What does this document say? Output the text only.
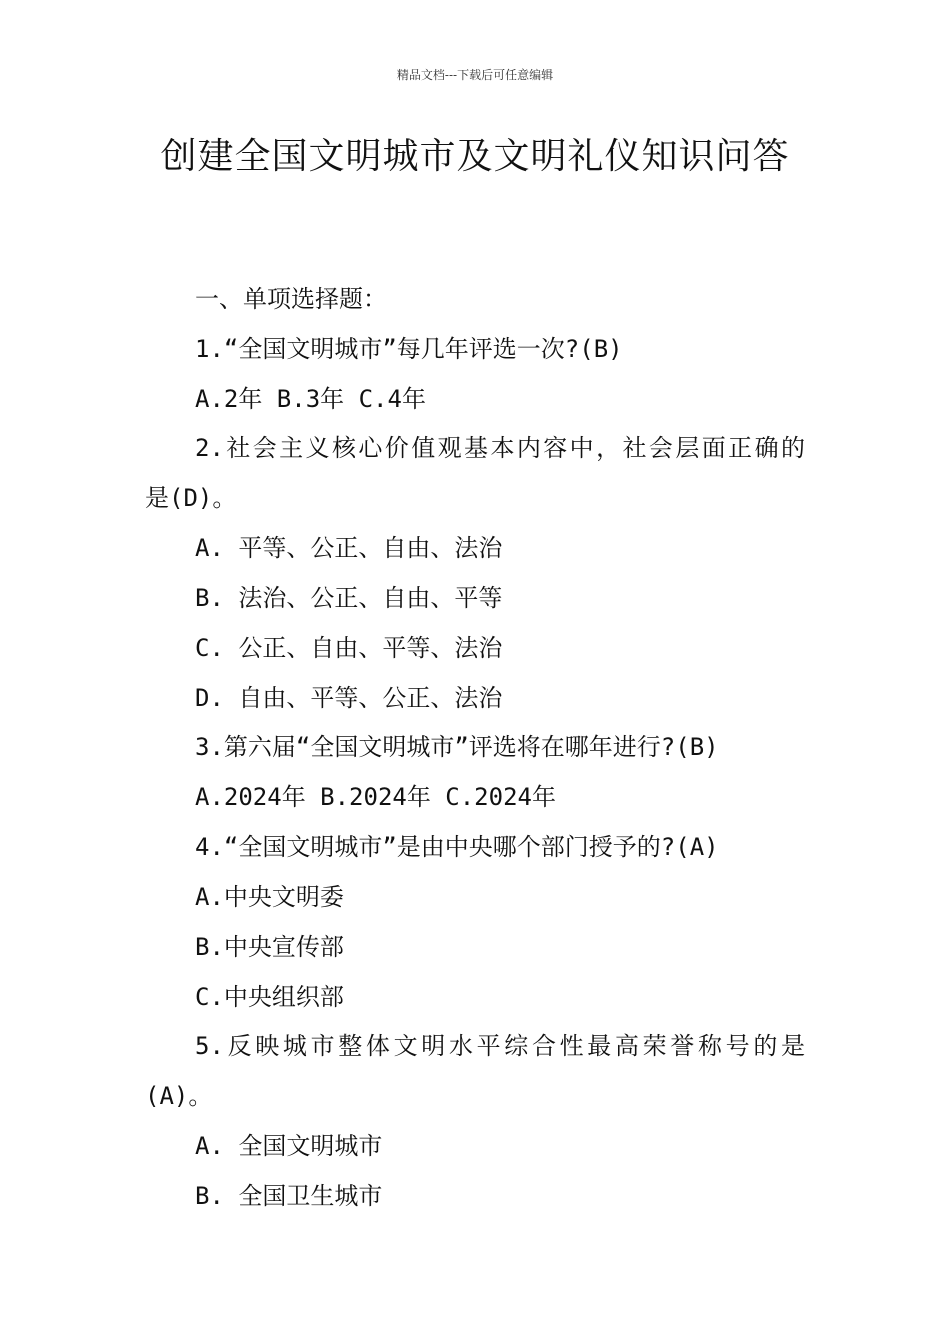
精品文档---下载后可任意编辑
创建全国文明城市及文明礼仪知识问答
一、单项选择题：
1.“全国文明城市”每几年评选一次?(B)
A.2年 B.3年 C.4年
2.社会主义核心价值观基本内容中，社会层面正确的
是(D)。
A. 平等、公正、自由、法治
B. 法治、公正、自由、平等
C. 公正、自由、平等、法治
D. 自由、平等、公正、法治
3.第六届“全国文明城市”评选将在哪年进行?(B)
A.2024年 B.2024年 C.2024年
4.“全国文明城市”是由中央哪个部门授予的?(A)
A.中央文明委
B.中央宣传部
C.中央组织部
5.反映城市整体文明水平综合性最高荣誉称号的是
(A)。
A. 全国文明城市
B. 全国卫生城市
